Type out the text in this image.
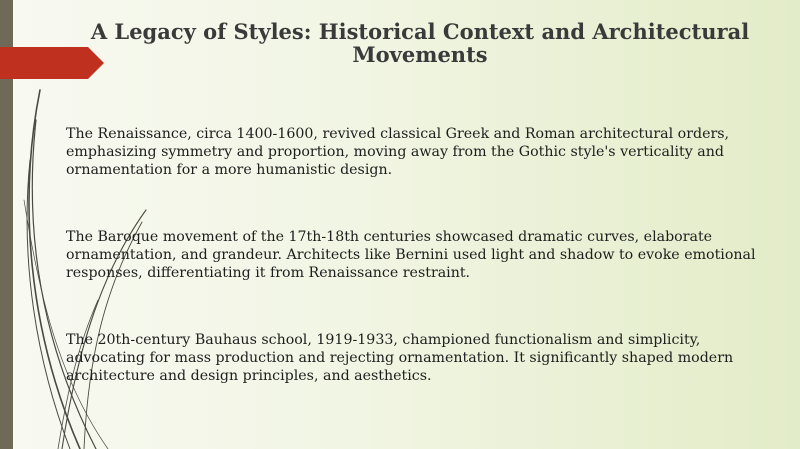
A Legacy of Styles: Historical Context and Architectural Movements

The Renaissance, circa 1400-1600, revived classical Greek and Roman architectural orders, emphasizing symmetry and proportion, moving away from the Gothic style's verticality and ornamentation for a more humanistic design.

The Baroque movement of the 17th-18th centuries showcased dramatic curves, elaborate ornamentation, and grandeur. Architects like Bernini used light and shadow to evoke emotional responses, differentiating it from Renaissance restraint.

The 20th-century Bauhaus school, 1919-1933, championed functionalism and simplicity, advocating for mass production and rejecting ornamentation. It significantly shaped modern architecture and design principles, and aesthetics.
